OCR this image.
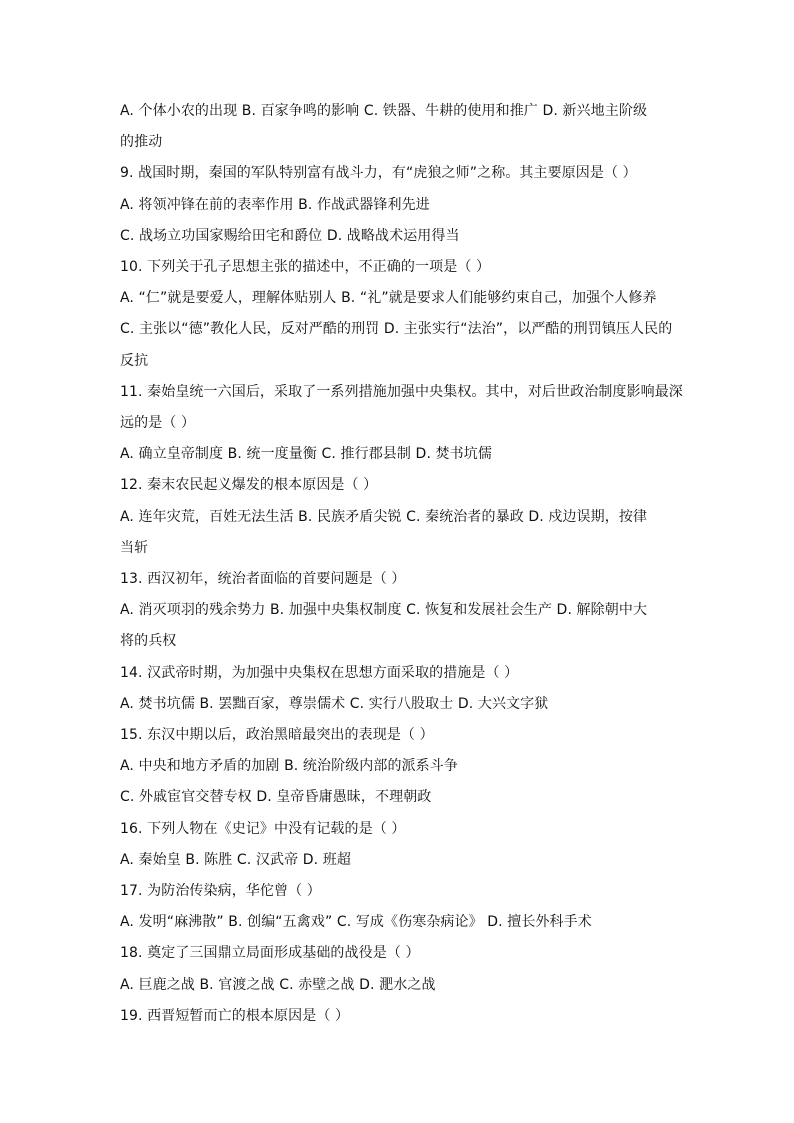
A. 个体小农的出现 B. 百家争鸣的影响 C. 铁器、牛耕的使用和推广 D. 新兴地主阶级
的推动
9. 战国时期，秦国的军队特别富有战斗力，有“虎狼之师”之称。其主要原因是（ ）
A. 将领冲锋在前的表率作用 B. 作战武器锋利先进
C. 战场立功国家赐给田宅和爵位 D. 战略战术运用得当
10. 下列关于孔子思想主张的描述中，不正确的一项是（ ）
A. “仁”就是要爱人，理解体贴别人 B. “礼”就是要求人们能够约束自己，加强个人修养
C. 主张以“德”教化人民，反对严酷的刑罚 D. 主张实行“法治”，以严酷的刑罚镇压人民的
反抗
11. 秦始皇统一六国后，采取了一系列措施加强中央集权。其中，对后世政治制度影响最深
远的是（ ）
A. 确立皇帝制度 B. 统一度量衡 C. 推行郡县制 D. 焚书坑儒
12. 秦末农民起义爆发的根本原因是（ ）
A. 连年灾荒，百姓无法生活 B. 民族矛盾尖锐 C. 秦统治者的暴政 D. 戍边误期，按律
当斩
13. 西汉初年，统治者面临的首要问题是（ ）
A. 消灭项羽的残余势力 B. 加强中央集权制度 C. 恢复和发展社会生产 D. 解除朝中大
将的兵权
14. 汉武帝时期，为加强中央集权在思想方面采取的措施是（ ）
A. 焚书坑儒 B. 罢黜百家，尊崇儒术 C. 实行八股取士 D. 大兴文字狱
15. 东汉中期以后，政治黑暗最突出的表现是（ ）
A. 中央和地方矛盾的加剧 B. 统治阶级内部的派系斗争
C. 外戚宦官交替专权 D. 皇帝昏庸愚昧，不理朝政
16. 下列人物在《史记》中没有记载的是（ ）
A. 秦始皇 B. 陈胜 C. 汉武帝 D. 班超
17. 为防治传染病，华佗曾（ ）
A. 发明“麻沸散” B. 创编“五禽戏” C. 写成《伤寒杂病论》 D. 擅长外科手术
18. 奠定了三国鼎立局面形成基础的战役是（ ）
A. 巨鹿之战 B. 官渡之战 C. 赤壁之战 D. 淝水之战
19. 西晋短暂而亡的根本原因是（ ）
